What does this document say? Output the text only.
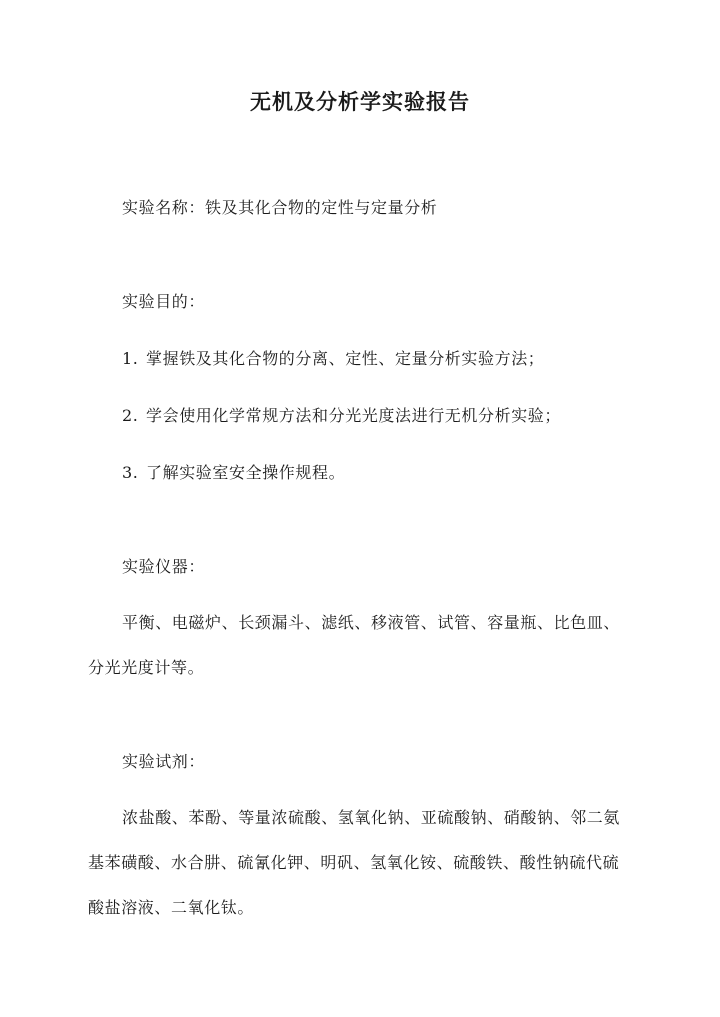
无机及分析学实验报告
实验名称：铁及其化合物的定性与定量分析
实验目的：
1. 掌握铁及其化合物的分离、定性、定量分析实验方法；
2. 学会使用化学常规方法和分光光度法进行无机分析实验；
3. 了解实验室安全操作规程。
实验仪器：
平衡、电磁炉、长颈漏斗、滤纸、移液管、试管、容量瓶、比色皿、
分光光度计等。
实验试剂：
浓盐酸、苯酚、等量浓硫酸、氢氧化钠、亚硫酸钠、硝酸钠、邻二氨
基苯磺酸、水合肼、硫氰化钾、明矾、氢氧化铵、硫酸铁、酸性钠硫代硫
酸盐溶液、二氧化钛。
